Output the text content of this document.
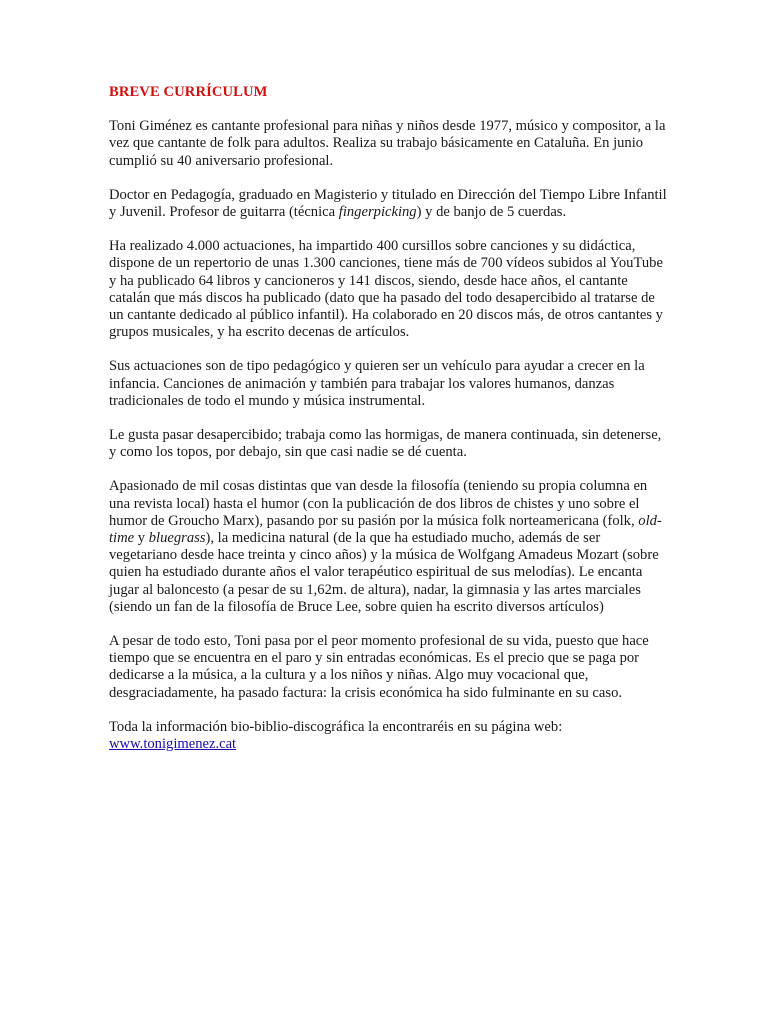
BREVE CURRÍCULUM

Toni Giménez es cantante profesional para niñas y niños desde 1977, músico y compositor, a la vez que cantante de folk para adultos. Realiza su trabajo básicamente en Cataluña. En junio cumplió su 40 aniversario profesional.

Doctor en Pedagogía, graduado en Magisterio y titulado en Dirección del Tiempo Libre Infantil y Juvenil. Profesor de guitarra (técnica fingerpicking) y de banjo de 5 cuerdas.

Ha realizado 4.000 actuaciones, ha impartido 400 cursillos sobre canciones y su didáctica, dispone de un repertorio de unas 1.300 canciones, tiene más de 700 vídeos subidos al YouTube y ha publicado 64 libros y cancioneros y 141 discos, siendo, desde hace años, el cantante catalán que más discos ha publicado (dato que ha pasado del todo desapercibido al tratarse de un cantante dedicado al público infantil). Ha colaborado en 20 discos más, de otros cantantes y grupos musicales, y ha escrito decenas de artículos.

Sus actuaciones son de tipo pedagógico y quieren ser un vehículo para ayudar a crecer en la infancia. Canciones de animación y también para trabajar los valores humanos, danzas tradicionales de todo el mundo y música instrumental.

Le gusta pasar desapercibido; trabaja como las hormigas, de manera continuada, sin detenerse, y como los topos, por debajo, sin que casi nadie se dé cuenta.

Apasionado de mil cosas distintas que van desde la filosofía (teniendo su propia columna en una revista local) hasta el humor (con la publicación de dos libros de chistes y uno sobre el humor de Groucho Marx), pasando por su pasión por la música folk norteamericana (folk, old-time y bluegrass), la medicina natural (de la que ha estudiado mucho, además de ser vegetariano desde hace treinta y cinco años) y la música de Wolfgang Amadeus Mozart (sobre quien ha estudiado durante años el valor terapéutico espiritual de sus melodías). Le encanta jugar al baloncesto (a pesar de su 1,62m. de altura), nadar, la gimnasia y las artes marciales (siendo un fan de la filosofía de Bruce Lee, sobre quien ha escrito diversos artículos)

A pesar de todo esto, Toni pasa por el peor momento profesional de su vida, puesto que hace tiempo que se encuentra en el paro y sin entradas económicas. Es el precio que se paga por dedicarse a la música, a la cultura y a los niños y niñas. Algo muy vocacional que, desgraciadamente, ha pasado factura: la crisis económica ha sido fulminante en su caso.

Toda la información bio-biblio-discográfica la encontraréis en su página web:
www.tonigimenez.cat
